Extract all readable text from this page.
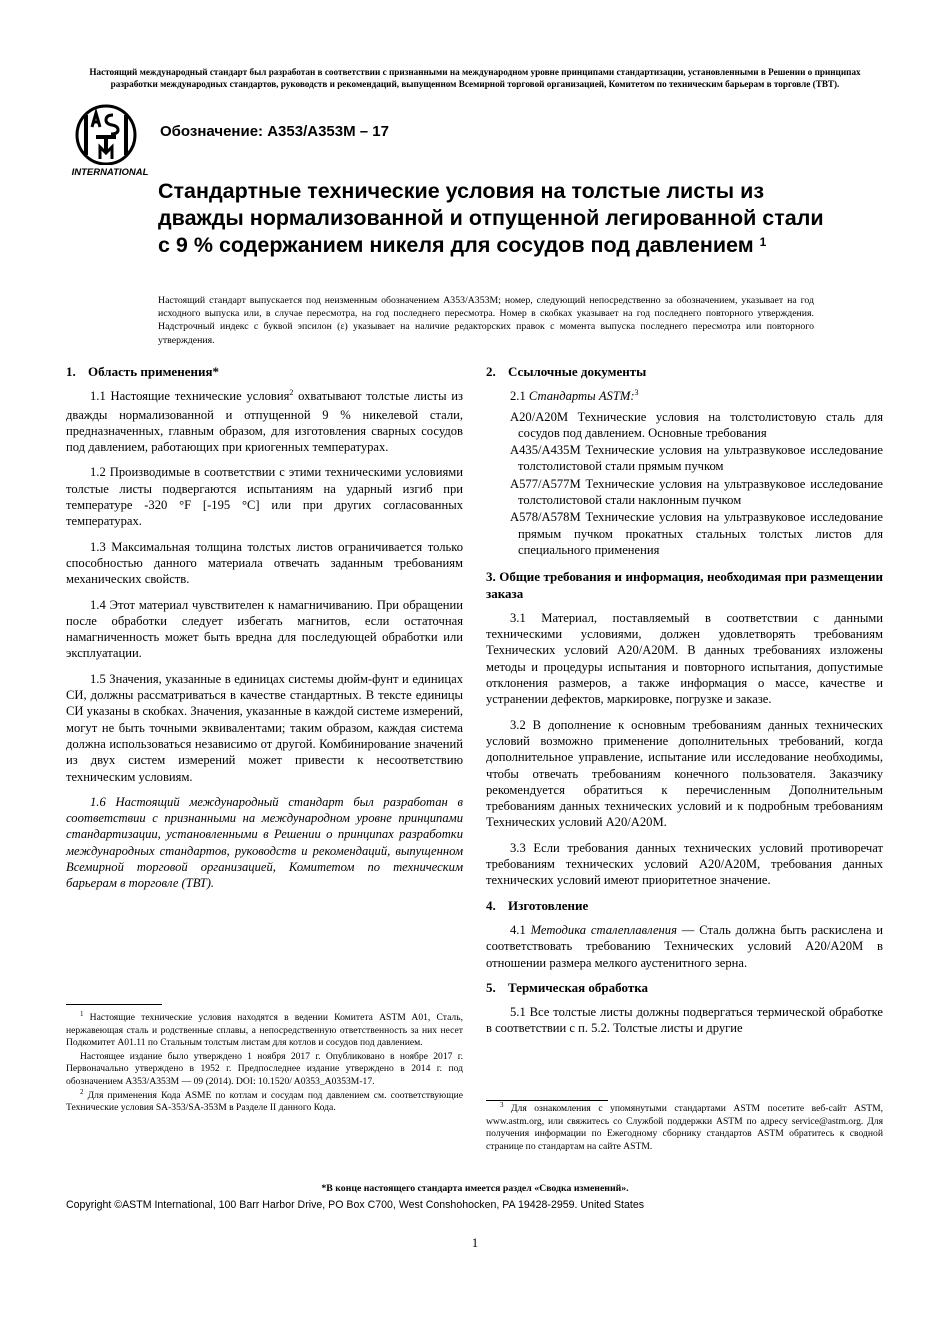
Настоящий международный стандарт был разработан в соответствии с признанными на международном уровне принципами стандартизации, установленными в Решении о принципах разработки международных стандартов, руководств и рекомендаций, выпущенном Всемирной торговой организацией, Комитетом по техническим барьерам в торговле (ТВТ).
INTERNATIONAL
Обозначение: A353/A353M – 17
Стандартные технические условия на толстые листы из дважды нормализованной и отпущенной легированной стали с 9 % содержанием никеля для сосудов под давлением $^1$
Настоящий стандарт выпускается под неизменным обозначением A353/A353M; номер, следующий непосредственно за обозначением, указывает на год исходного выпуска или, в случае пересмотра, на год последнего пересмотра. Номер в скобках указывает на год последнего повторного утверждения. Надстрочный индекс с буквой эпсилон (ε) указывает на наличие редакторских правок с момента выпуска последнего пересмотра или повторного утверждения.
1. Область применения*

1.1 Настоящие технические условия$^2$ охватывают толстые листы из дважды нормализованной и отпущенной 9 % никелевой стали, предназначенных, главным образом, для изготовления сварных сосудов под давлением, работающих при криогенных температурах.

1.2 Производимые в соответствии с этими техническими условиями толстые листы подвергаются испытаниям на ударный изгиб при температуре -320 °F [-195 °C] или при других согласованных температурах.

1.3 Максимальная толщина толстых листов ограничивается только способностью данного материала отвечать заданным требованиям механических свойств.

1.4 Этот материал чувствителен к намагничиванию. При обращении после обработки следует избегать магнитов, если остаточная намагниченность может быть вредна для последующей обработки или эксплуатации.

1.5 Значения, указанные в единицах системы дюйм-фунт и единицах СИ, должны рассматриваться в качестве стандартных. В тексте единицы СИ указаны в скобках. Значения, указанные в каждой системе измерений, могут не быть точными эквивалентами; таким образом, каждая система должна использоваться независимо от другой. Комбинирование значений из двух систем измерений может привести к несоответствию техническим условиям.

1.6 Настоящий международный стандарт был разработан в соответствии с признанными на международном уровне принципами стандартизации, установленными в Решении о принципах разработки международных стандартов, руководств и рекомендаций, выпущенном Всемирной торговой организацией, Комитетом по техническим барьерам в торговле (ТВТ).

2. Ссылочные документы
2.1 Стандарты ASTM:$^3$
A20/A20M Технические условия на толстолистовую сталь для сосудов под давлением. Основные требования
A435/A435M Технические условия на ультразвуковое исследование толстолистовой стали прямым пучком
A577/A577M Технические условия на ультразвуковое исследование толстолистовой стали наклонным пучком
A578/A578M Технические условия на ультразвуковое исследование прямым пучком прокатных стальных толстых листов для специального применения
3. Общие требования и информация, необходимая при размещении заказа

3.1 Материал, поставляемый в соответствии с данными техническими условиями, должен удовлетворять требованиям Технических условий A20/A20M. В данных требованиях изложены методы и процедуры испытания и повторного испытания, допустимые отклонения размеров, а также информация о массе, качестве и устранении дефектов, маркировке, погрузке и заказе.

3.2 В дополнение к основным требованиям данных технических условий возможно применение дополнительных требований, когда дополнительное управление, испытание или исследование необходимы, чтобы отвечать требованиям конечного пользователя. Заказчику рекомендуется обратиться к перечисленным Дополнительным требованиям данных технических условий и к подробным требованиям Технических условий A20/A20M.

3.3 Если требования данных технических условий противоречат требованиям технических условий A20/A20M, требования данных технических условий имеют приоритетное значение.

4. Изготовление

4.1 Методика сталеплавления — Сталь должна быть раскислена и соответствовать требованию Технических условий A20/A20M в отношении размера мелкого аустенитного зерна.

5. Термическая обработка

5.1 Все толстые листы должны подвергаться термической обработке в соответствии с п. 5.2. Толстые листы и другие

$^1$ Настоящие технические условия находятся в ведении Комитета ASTM A01, Сталь, нержавеющая сталь и родственные сплавы, а непосредственную ответственность за них несет Подкомитет A01.11 по Стальным толстым листам для котлов и сосудов под давлением.

Настоящее издание было утверждено 1 ноября 2017 г. Опубликовано в ноябре 2017 г. Первоначально утверждено в 1952 г. Предпоследнее издание утверждено в 2014 г. под обозначением A353/A353M — 09 (2014). DOI: 10.1520/ A0353_A0353M-17.

$^2$ Для применения Кода ASME по котлам и сосудам под давлением см. соответствующие Технические условия SA-353/SA-353M в Разделе II данного Кода.	$^3$ Для ознакомления с упомянутыми стандартами ASTM посетите веб-сайт ASTM, www.astm.org, или свяжитесь со Службой поддержки ASTM по адресу service@astm.org. Для получения информации по Ежегодному сборнику стандартов ASTM обратитесь к сводной странице по стандартам на сайте ASTM.

*В конце настоящего стандарта имеется раздел «Сводка изменений».
Copyright ©ASTM International, 100 Barr Harbor Drive, PO Box C700, West Conshohocken, PA 19428-2959. United States
1
